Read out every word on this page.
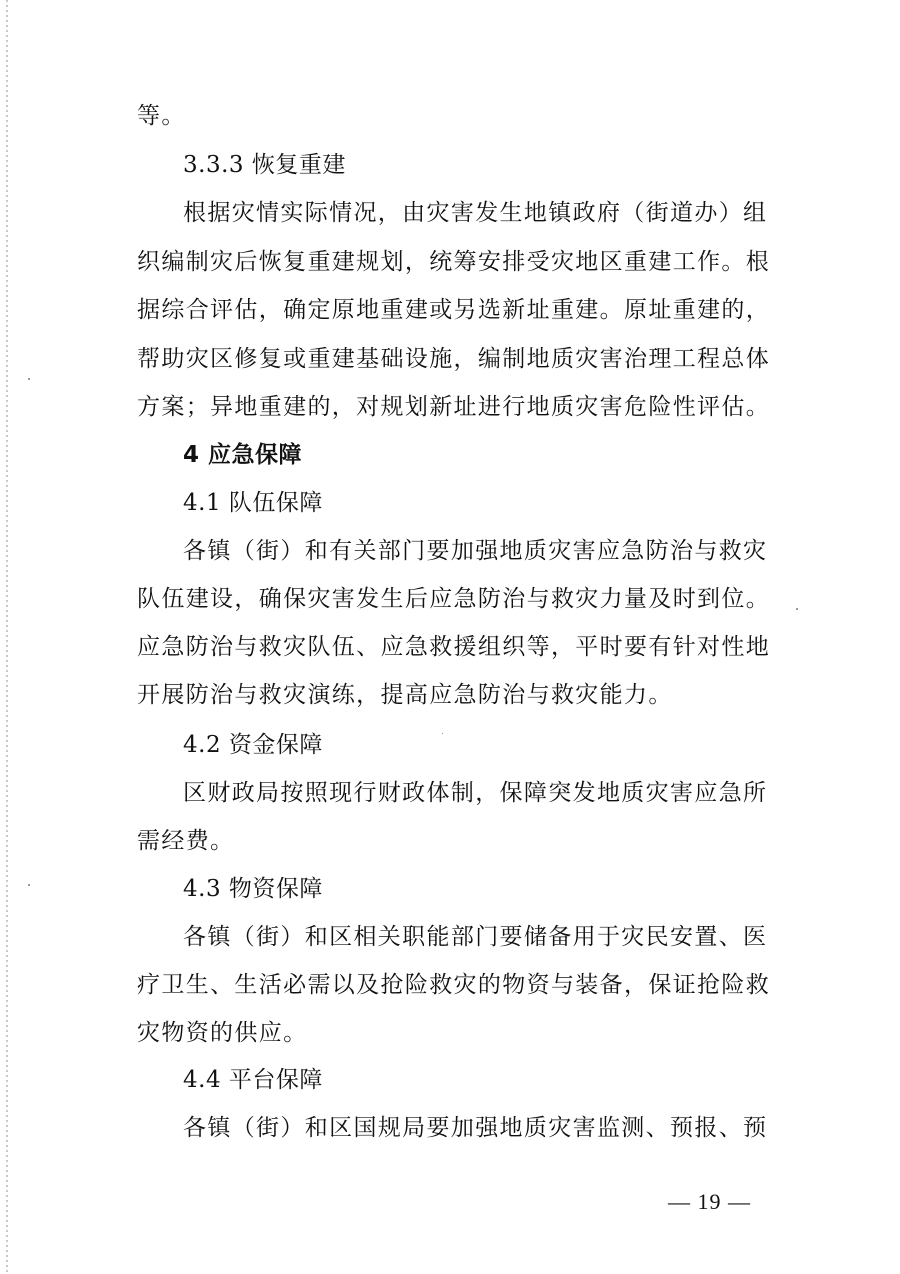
等。
3.3.3 恢复重建
根据灾情实际情况，由灾害发生地镇政府（街道办）组
织编制灾后恢复重建规划，统筹安排受灾地区重建工作。根
据综合评估，确定原地重建或另选新址重建。原址重建的，
帮助灾区修复或重建基础设施，编制地质灾害治理工程总体
方案；异地重建的，对规划新址进行地质灾害危险性评估。
4 应急保障
4.1 队伍保障
各镇（街）和有关部门要加强地质灾害应急防治与救灾
队伍建设，确保灾害发生后应急防治与救灾力量及时到位。
应急防治与救灾队伍、应急救援组织等，平时要有针对性地
开展防治与救灾演练，提高应急防治与救灾能力。
4.2 资金保障
区财政局按照现行财政体制，保障突发地质灾害应急所
需经费。
4.3 物资保障
各镇（街）和区相关职能部门要储备用于灾民安置、医
疗卫生、生活必需以及抢险救灾的物资与装备，保证抢险救
灾物资的供应。
4.4 平台保障
各镇（街）和区国规局要加强地质灾害监测、预报、预
— 19 —
